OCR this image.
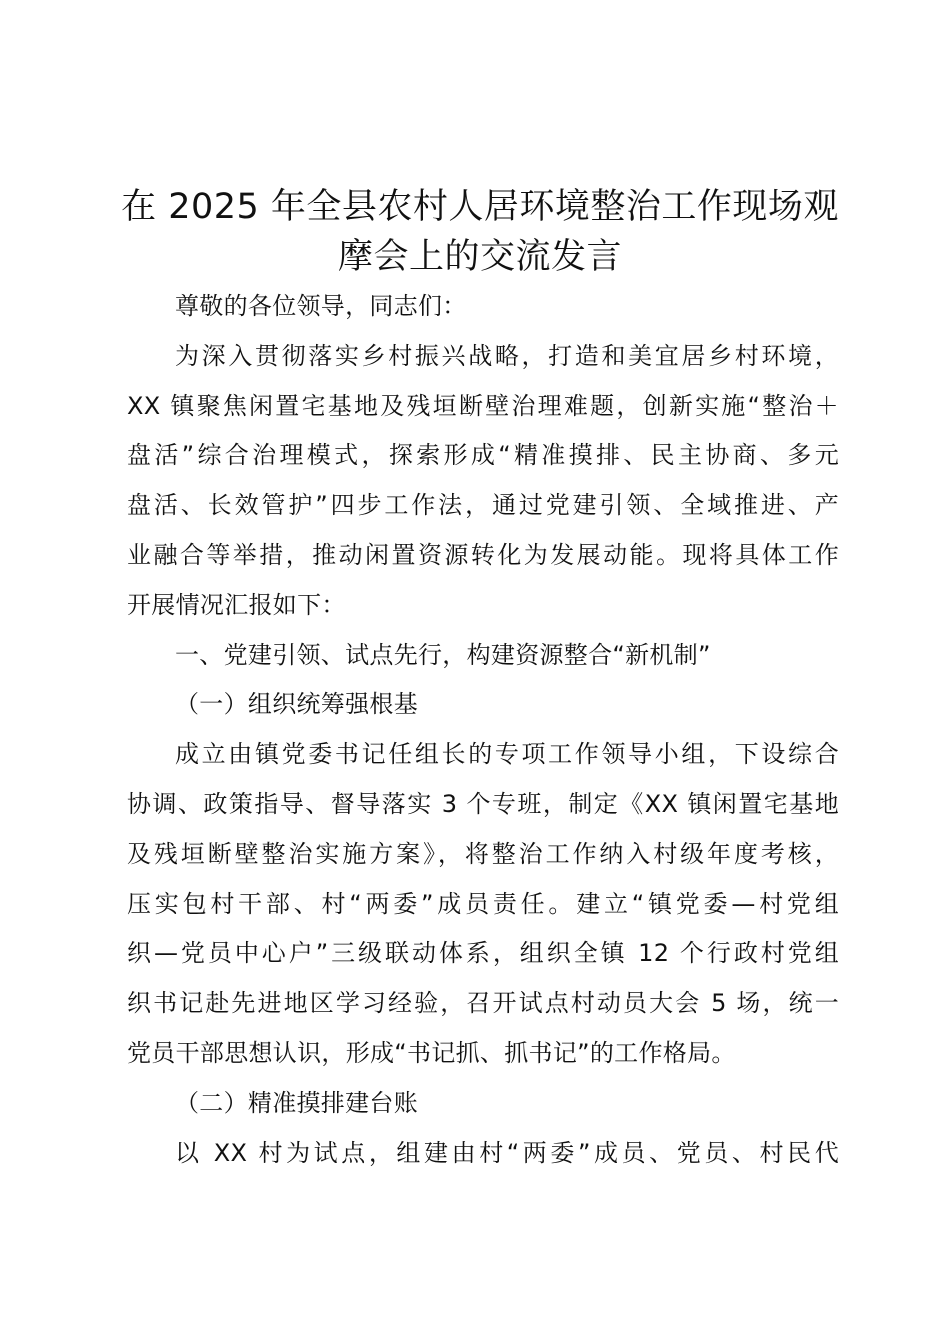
在 2025 年全县农村人居环境整治工作现场观
摩会上的交流发言
尊敬的各位领导，同志们：
为深入贯彻落实乡村振兴战略，打造和美宜居乡村环境，
XX 镇聚焦闲置宅基地及残垣断壁治理难题，创新实施“整治＋
盘活”综合治理模式，探索形成“精准摸排、民主协商、多元
盘活、长效管护”四步工作法，通过党建引领、全域推进、产
业融合等举措，推动闲置资源转化为发展动能。现将具体工作
开展情况汇报如下：
一、党建引领、试点先行，构建资源整合“新机制”
（一）组织统筹强根基
成立由镇党委书记任组长的专项工作领导小组，下设综合
协调、政策指导、督导落实 3 个专班，制定《XX 镇闲置宅基地
及残垣断壁整治实施方案》，将整治工作纳入村级年度考核，
压实包村干部、村“两委”成员责任。建立“镇党委—村党组
织—党员中心户”三级联动体系，组织全镇 12 个行政村党组
织书记赴先进地区学习经验，召开试点村动员大会 5 场，统一
党员干部思想认识，形成“书记抓、抓书记”的工作格局。
（二）精准摸排建台账
以 XX 村为试点，组建由村“两委”成员、党员、村民代
